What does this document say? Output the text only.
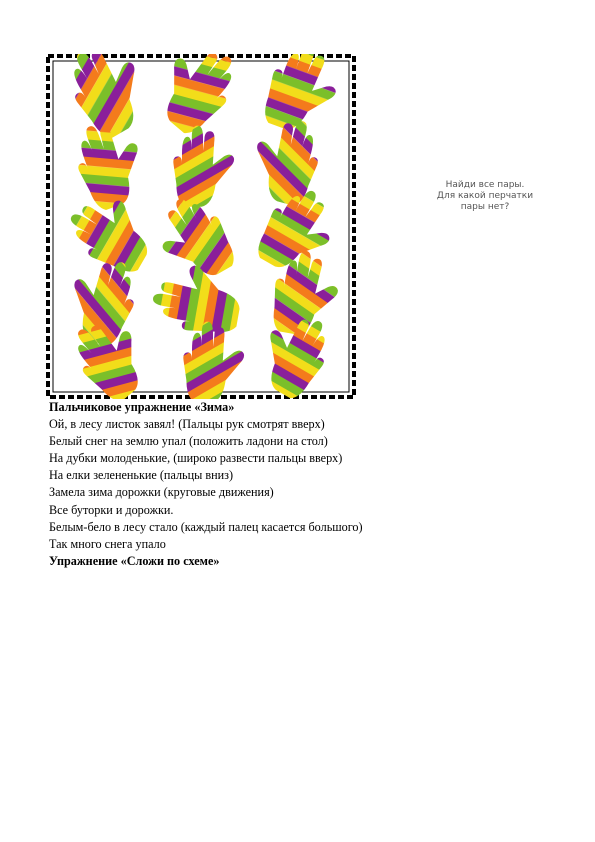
Найди все пары.
Для какой перчатки
пары нет?
Пальчиковое упражнение «Зима»
Ой, в лесу листок завял! (Пальцы рук смотрят вверх)
Белый снег на землю упал (положить ладони на стол)
На дубки молоденькие, (широко развести пальцы вверх)
На елки зелененькие (пальцы вниз)
Замела зима дорожки (круговые движения)
Все буторки и дорожки.
Белым-бело в лесу стало (каждый палец касается большого)
Так много снега упало
Упражнение «Сложи по схеме»
